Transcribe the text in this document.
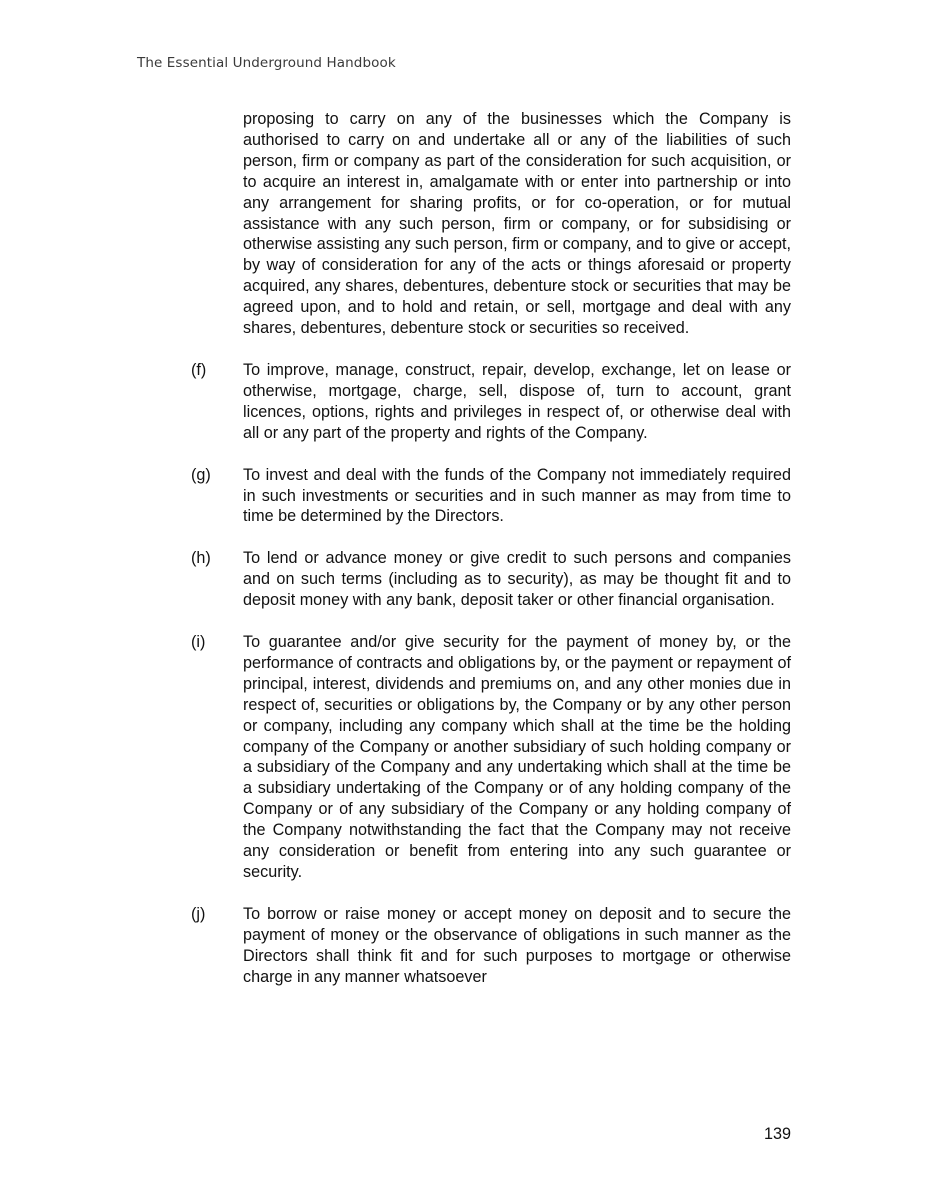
The Essential Underground Handbook
proposing to carry on any of the businesses which the Company is authorised to carry on and undertake all or any of the liabilities of such person, firm or company as part of the consideration for such acquisition, or to acquire an interest in, amalgamate with or enter into partnership or into any arrangement for sharing profits, or for co-operation, or for mutual assistance with any such person, firm or company, or for subsidising or otherwise assisting any such person, firm or company, and to give or accept, by way of consideration for any of the acts or things aforesaid or property acquired, any shares, debentures, debenture stock or securities that may be agreed upon, and to hold and retain, or sell, mortgage and deal with any shares, debentures, debenture stock or securities so received.
(f)	To improve, manage, construct, repair, develop, exchange, let on lease or otherwise, mortgage, charge, sell, dispose of, turn to account, grant licences, options, rights and privileges in respect of, or otherwise deal with all or any part of the property and rights of the Company.
(g)	To invest and deal with the funds of the Company not immediately required in such investments or securities and in such manner as may from time to time be determined by the Directors.
(h)	To lend or advance money or give credit to such persons and companies and on such terms (including as to security), as may be thought fit and to deposit money with any bank, deposit taker or other financial organisation.
(i)	To guarantee and/or give security for the payment of money by, or the performance of contracts and obligations by, or the payment or repayment of principal, interest, dividends and premiums on, and any other monies due in respect of, securities or obligations by, the Company or by any other person or company, including any company which shall at the time be the holding company of the Company or another subsidiary of such holding company or a subsidiary of the Company and any undertaking which shall at the time be a subsidiary undertaking of the Company or of any holding company of the Company or of any subsidiary of the Company or any holding company of the Company notwithstanding the fact that the Company may not receive any consideration or benefit from entering into any such guarantee or security.
(j)	To borrow or raise money or accept money on deposit and to secure the payment of money or the observance of obligations in such manner as the Directors shall think fit and for such purposes to mortgage or otherwise charge in any manner whatsoever
139
